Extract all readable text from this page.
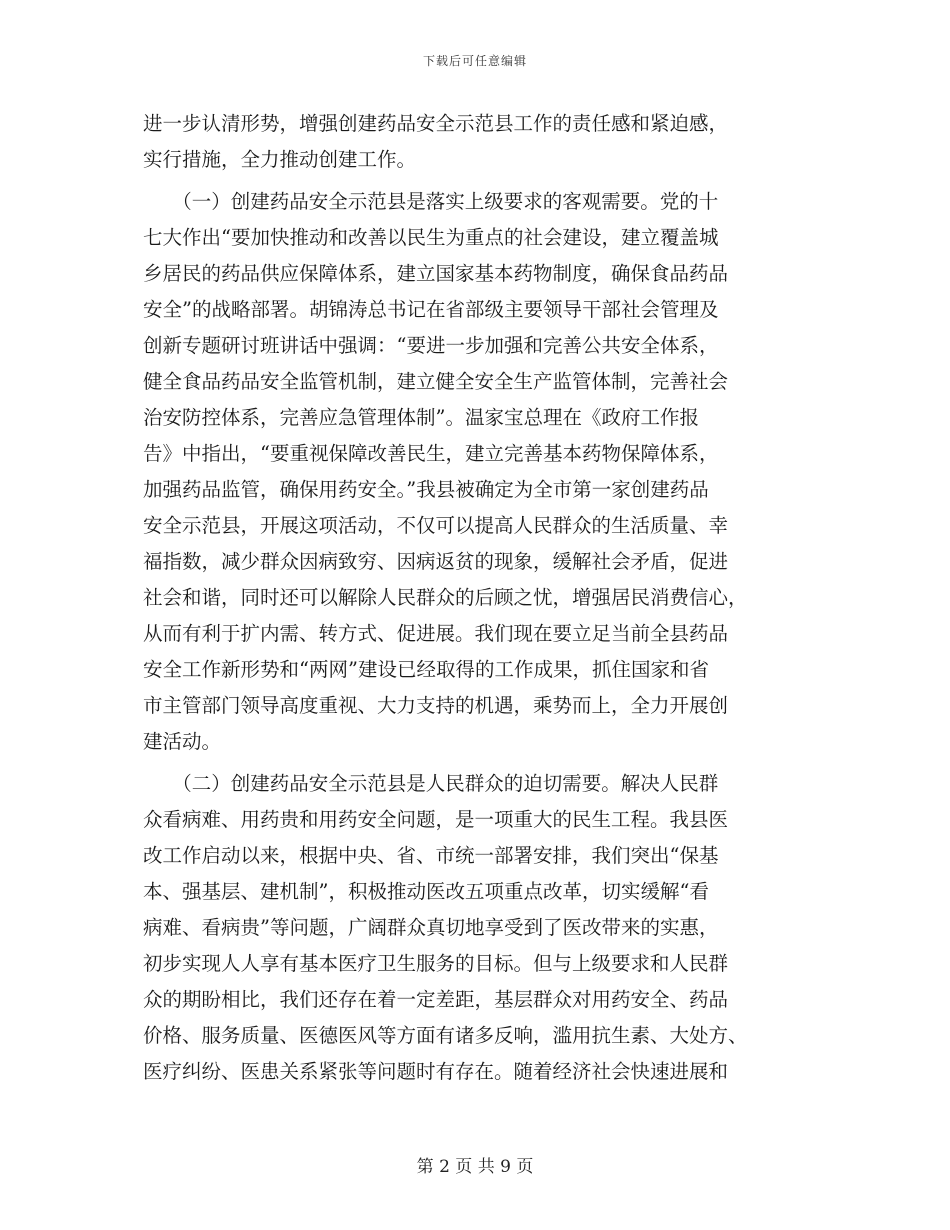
下载后可任意编辑
进一步认清形势，增强创建药品安全示范县工作的责任感和紧迫感，
实行措施，全力推动创建工作。
　　（一）创建药品安全示范县是落实上级要求的客观需要。党的十
七大作出“要加快推动和改善以民生为重点的社会建设，建立覆盖城
乡居民的药品供应保障体系，建立国家基本药物制度，确保食品药品
安全”的战略部署。胡锦涛总书记在省部级主要领导干部社会管理及
创新专题研讨班讲话中强调：“要进一步加强和完善公共安全体系，
健全食品药品安全监管机制，建立健全安全生产监管体制，完善社会
治安防控体系，完善应急管理体制”。温家宝总理在《政府工作报
告》中指出，“要重视保障改善民生，建立完善基本药物保障体系，
加强药品监管，确保用药安全。”我县被确定为全市第一家创建药品
安全示范县，开展这项活动，不仅可以提高人民群众的生活质量、幸
福指数，减少群众因病致穷、因病返贫的现象，缓解社会矛盾，促进
社会和谐，同时还可以解除人民群众的后顾之忧，增强居民消费信心，
从而有利于扩内需、转方式、促进展。我们现在要立足当前全县药品
安全工作新形势和“两网”建设已经取得的工作成果，抓住国家和省
市主管部门领导高度重视、大力支持的机遇，乘势而上，全力开展创
建活动。
　　（二）创建药品安全示范县是人民群众的迫切需要。解决人民群
众看病难、用药贵和用药安全问题，是一项重大的民生工程。我县医
改工作启动以来，根据中央、省、市统一部署安排，我们突出“保基
本、强基层、建机制”，积极推动医改五项重点改革，切实缓解“看
病难、看病贵”等问题，广阔群众真切地享受到了医改带来的实惠，
初步实现人人享有基本医疗卫生服务的目标。但与上级要求和人民群
众的期盼相比，我们还存在着一定差距，基层群众对用药安全、药品
价格、服务质量、医德医风等方面有诸多反响，滥用抗生素、大处方、
医疗纠纷、医患关系紧张等问题时有存在。随着经济社会快速进展和
第 2 页 共 9 页
